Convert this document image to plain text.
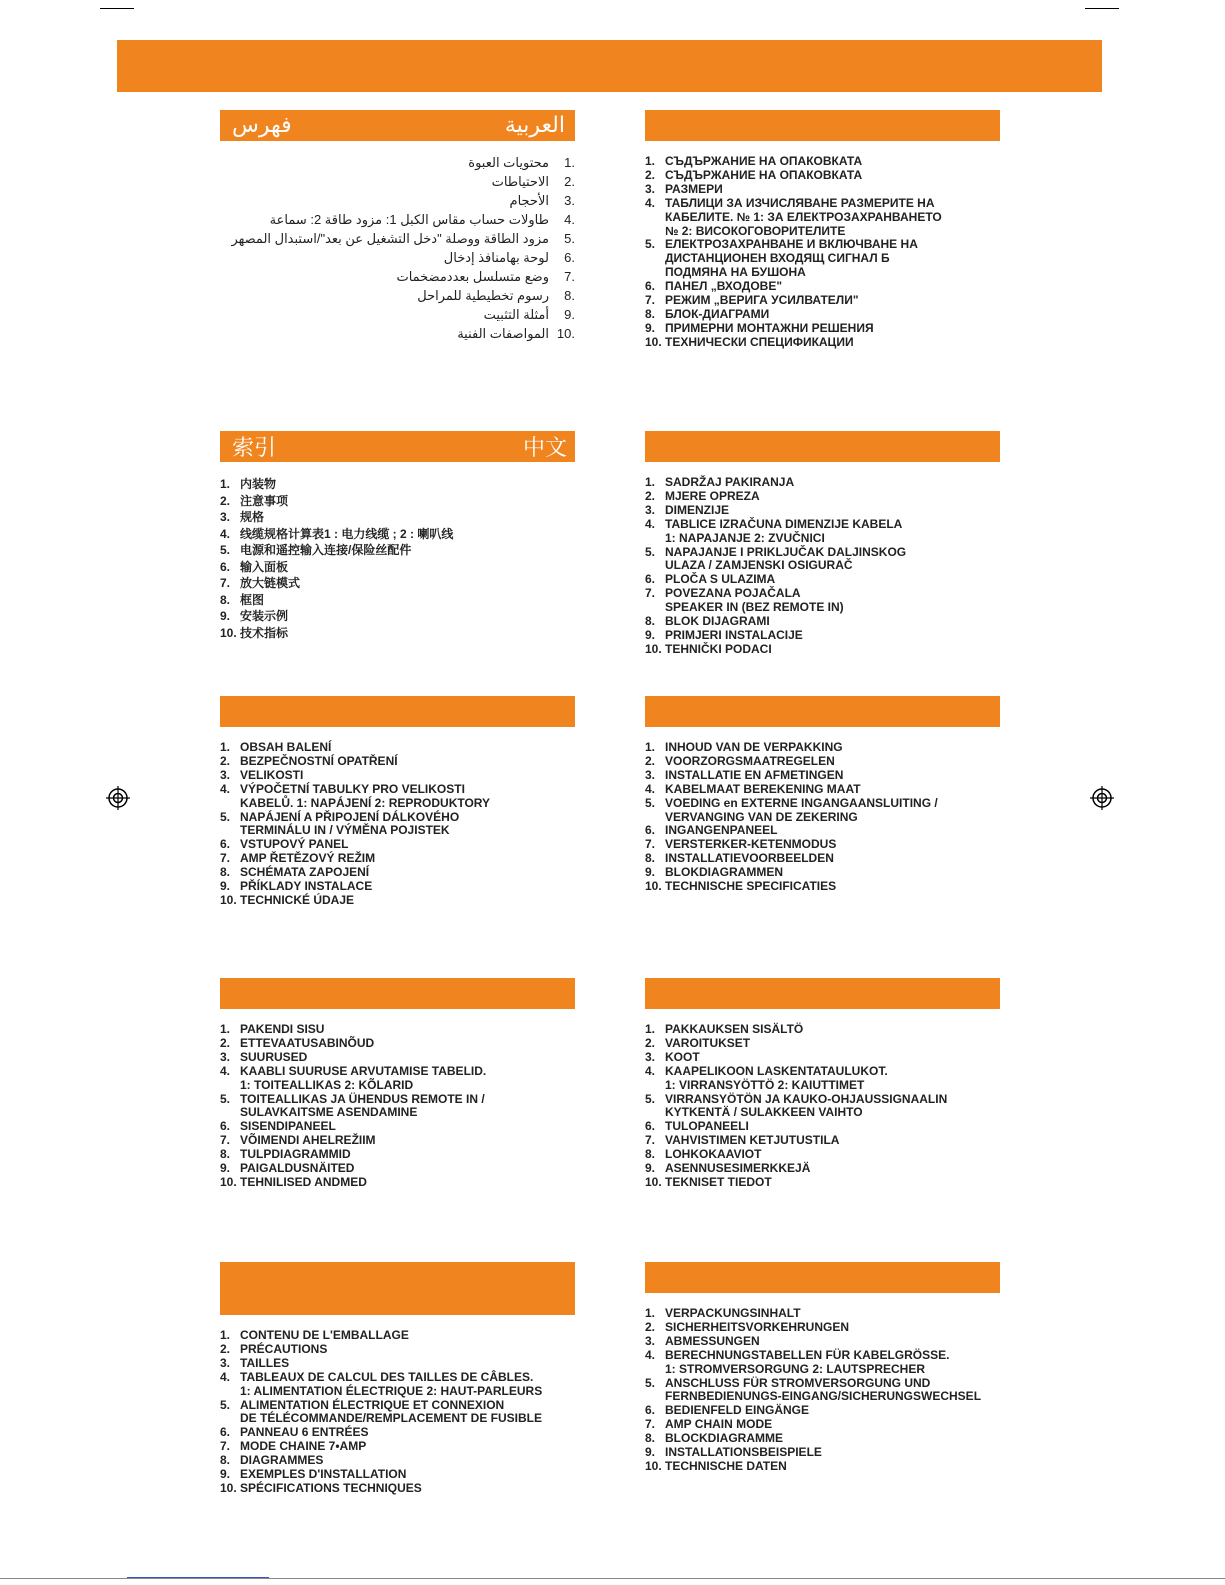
العربية
فهرس
.1
محتويات العبوة
.2
الاحتياطات
.3
الأحجام
.4
طاولات حساب مقاس الكبل 1: مزود طاقة 2: سماعة
.5
مزود الطاقة ووصلة "دخل التشغيل عن بعد"/استبدال المصهر
.6
لوحة بهامنافذ إدخال
.7
وضع متسلسل بعددمضخمات
.8
رسوم تخطيطية للمراحل
.9
أمثلة التثبيت
.10
المواصفات الفنية
1. СЪДЪРЖАНИЕ НА ОПАКОВКАТА
2. СЪДЪРЖАНИЕ НА ОПАКОВКАТА
3. РАЗМЕРИ
4. ТАБЛИЦИ ЗА ИЗЧИСЛЯВАНЕ РАЗМЕРИТЕ НА
КАБЕЛИТЕ. № 1: ЗА ЕЛЕКТРОЗАХРАНВАНЕТО
№ 2: ВИСОКОГОВОРИТЕЛИТЕ
5. ЕЛЕКТРОЗАХРАНВАНЕ И ВКЛЮЧВАНЕ НА
ДИСТАНЦИОНЕН ВХОДЯЩ СИГНАЛ Б
ПОДМЯНА НА БУШОНА
6. ПАНЕЛ „ВХОДОВЕ"
7. РЕЖИМ „ВЕРИГА УСИЛВАТЕЛИ"
8. БЛОК-ДИАГРАМИ
9. ПРИМЕРНИ МОНТАЖНИ РЕШЕНИЯ
10. ТЕХНИЧЕСКИ СПЕЦИФИКАЦИИ
索引	中文
1. 内装物
2. 注意事项
3. 规格
4. 线缆规格计算表1 : 电力线缆 ; 2 : 喇叭线
5. 电源和遥控输入连接/保险丝配件
6. 输入面板
7. 放大链模式
8. 框图
9. 安装示例
10. 技术指标
1. SADRŽAJ PAKIRANJA
2. MJERE OPREZA
3. DIMENZIJE
4. TABLICE IZRAČUNA DIMENZIJE KABELA
1: NAPAJANJE 2: ZVUČNICI
5. NAPAJANJE I PRIKLJUČAK DALJINSKOG
ULAZA / ZAMJENSKI OSIGURAČ
6. PLOČA S ULAZIMA
7. POVEZANA POJAČALA
SPEAKER IN (BEZ REMOTE IN)
8. BLOK DIJAGRAMI
9. PRIMJERI INSTALACIJE
10. TEHNIČKI PODACI
1. OBSAH BALENÍ
2. BEZPEČNOSTNÍ OPATŘENÍ
3. VELIKOSTI
4. VÝPOČETNÍ TABULKY PRO VELIKOSTI
KABELŮ. 1: NAPÁJENÍ 2: REPRODUKTORY
5. NAPÁJENÍ A PŘIPOJENÍ DÁLKOVÉHO
TERMINÁLU IN / VÝMĚNA POJISTEK
6. VSTUPOVÝ PANEL
7. AMP ŘETĚZOVÝ REŽIM
8. SCHÉMATA ZAPOJENÍ
9. PŘÍKLADY INSTALACE
10. TECHNICKÉ ÚDAJE
1. INHOUD VAN DE VERPAKKING
2. VOORZORGSMAATREGELEN
3. INSTALLATIE EN AFMETINGEN
4. KABELMAAT BEREKENING MAAT
5. VOEDING en EXTERNE INGANGAANSLUITING /
VERVANGING VAN DE ZEKERING
6. INGANGENPANEEL
7. VERSTERKER-KETENMODUS
8. INSTALLATIEVOORBEELDEN
9. BLOKDIAGRAMMEN
10. TECHNISCHE SPECIFICATIES
1. PAKENDI SISU
2. ETTEVAATUSABINÕUD
3. SUURUSED
4. KAABLI SUURUSE ARVUTAMISE TABELID.
1: TOITEALLIKAS 2: KÕLARID
5. TOITEALLIKAS JA ÜHENDUS REMOTE IN /
SULAVKAITSME ASENDAMINE
6. SISENDIPANEEL
7. VÕIMENDI AHELREŽIIM
8. TULPDIAGRAMMID
9. PAIGALDUSNÄITED
10. TEHNILISED ANDMED
1. PAKKAUKSEN SISÄLTÖ
2. VAROITUKSET
3. KOOT
4. KAAPELIKOON LASKENTATAULUKOT.
1: VIRRANSYÖTTÖ 2: KAIUTTIMET
5. VIRRANSYÖTÖN JA KAUKO-OHJAUSSIGNAALIN
KYTKENTÄ / SULAKKEEN VAIHTO
6. TULOPANEELI
7. VAHVISTIMEN KETJUTUSTILA
8. LOHKOKAAVIOT
9. ASENNUSESIMERKKEJÄ
10. TEKNISET TIEDOT
1. CONTENU DE L'EMBALLAGE
2. PRÉCAUTIONS
3. TAILLES
4. TABLEAUX DE CALCUL DES TAILLES DE CÂBLES.
1: ALIMENTATION ÉLECTRIQUE 2: HAUT-PARLEURS
5. ALIMENTATION ÉLECTRIQUE ET CONNEXION
DE TÉLÉCOMMANDE/REMPLACEMENT DE FUSIBLE
6. PANNEAU 6 ENTRÉES
7. MODE CHAINE 7•AMP
8. DIAGRAMMES
9. EXEMPLES D'INSTALLATION
10. SPÉCIFICATIONS TECHNIQUES
1. VERPACKUNGSINHALT
2. SICHERHEITSVORKEHRUNGEN
3. ABMESSUNGEN
4. BERECHNUNGSTABELLEN FÜR KABELGRÖSSE.
1: STROMVERSORGUNG 2: LAUTSPRECHER
5. ANSCHLUSS FÜR STROMVERSORGUNG UND
FERNBEDIENUNGS-EINGANG/SICHERUNGSWECHSEL
6. BEDIENFELD EINGÄNGE
7. AMP CHAIN MODE
8. BLOCKDIAGRAMME
9. INSTALLATIONSBEISPIELE
10. TECHNISCHE DATEN
